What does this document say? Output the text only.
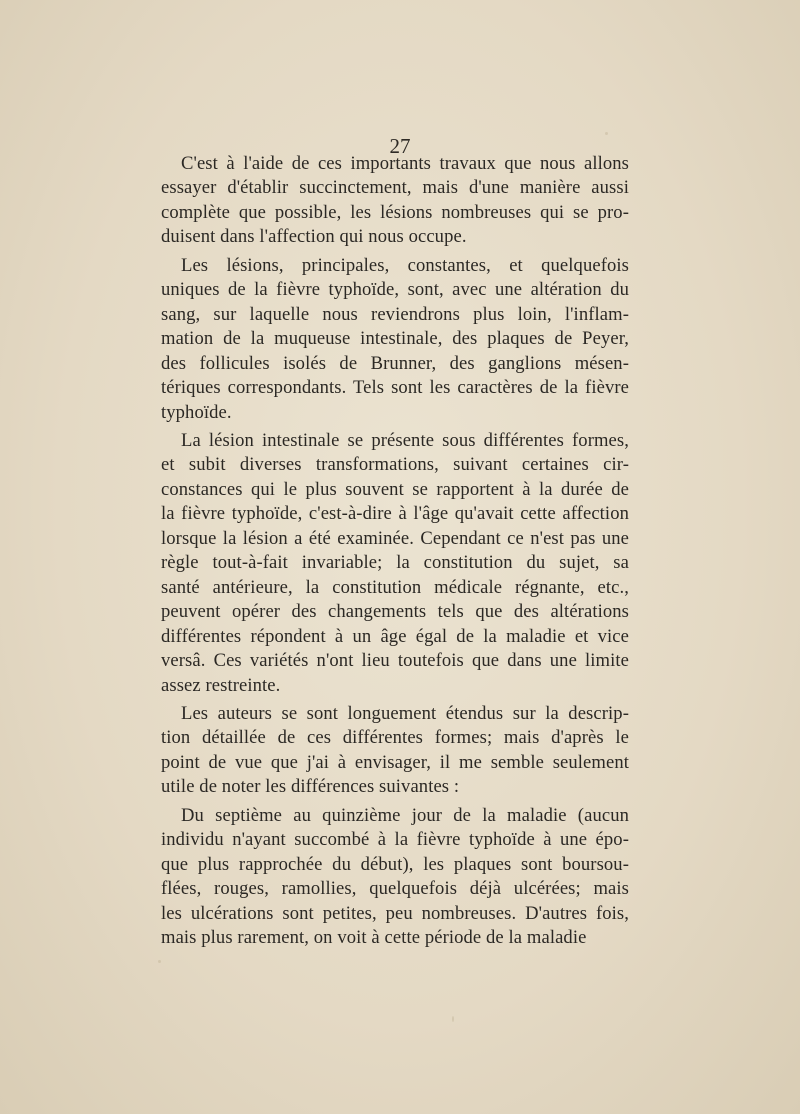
27
C'est à l'aide de ces importants travaux que nous allons
essayer d'établir succinctement, mais d'une manière aussi
complète que possible, les lésions nombreuses qui se pro-
duisent dans l'affection qui nous occupe.
Les lésions, principales, constantes, et quelquefois
uniques de la fièvre typhoïde, sont, avec une altération du
sang, sur laquelle nous reviendrons plus loin, l'inflam-
mation de la muqueuse intestinale, des plaques de Peyer,
des follicules isolés de Brunner, des ganglions mésen-
tériques correspondants. Tels sont les caractères de la fièvre
typhoïde.
La lésion intestinale se présente sous différentes formes,
et subit diverses transformations, suivant certaines cir-
constances qui le plus souvent se rapportent à la durée de
la fièvre typhoïde, c'est-à-dire à l'âge qu'avait cette affection
lorsque la lésion a été examinée. Cependant ce n'est pas une
règle tout-à-fait invariable; la constitution du sujet, sa
santé antérieure, la constitution médicale régnante, etc.,
peuvent opérer des changements tels que des altérations
différentes répondent à un âge égal de la maladie et vice
versâ. Ces variétés n'ont lieu toutefois que dans une limite
assez restreinte.
Les auteurs se sont longuement étendus sur la descrip-
tion détaillée de ces différentes formes; mais d'après le
point de vue que j'ai à envisager, il me semble seulement
utile de noter les différences suivantes :
Du septième au quinzième jour de la maladie (aucun
individu n'ayant succombé à la fièvre typhoïde à une épo-
que plus rapprochée du début), les plaques sont boursou-
flées, rouges, ramollies, quelquefois déjà ulcérées; mais
les ulcérations sont petites, peu nombreuses. D'autres fois,
mais plus rarement, on voit à cette période de la maladie
